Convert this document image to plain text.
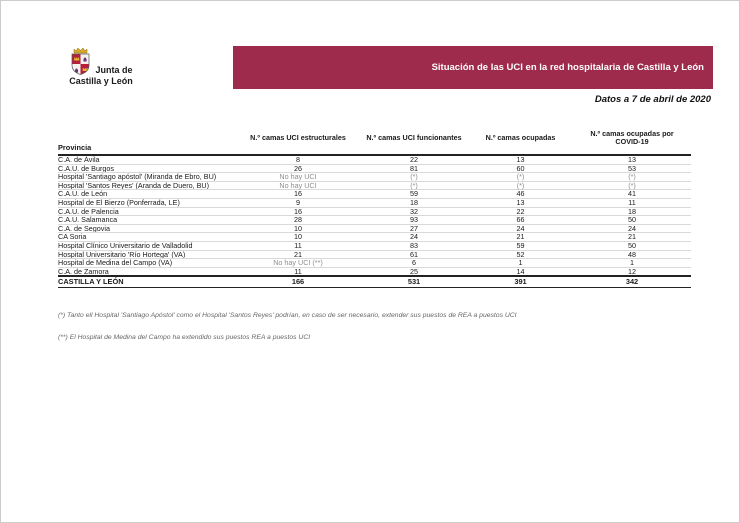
Junta de
Castilla y León
Situación de las UCI en la red hospitalaria de Castilla y León
Datos a 7 de abril de 2020
Provincia	N.º camas UCI estructurales	N.º camas UCI funcionantes	N.º camas ocupadas	N.º camas ocupadas por COVID-19
C.A. de Ávila	8	22	13	13
C.A.U. de Burgos	26	81	60	53
Hospital 'Santiago apóstol' (Miranda de Ebro, BU)	No hay UCI	(*)	(*)	(*)
Hospital 'Santos Reyes' (Aranda de Duero, BU)	No hay UCI	(*)	(*)	(*)
C.A.U. de León	16	59	46	41
Hospital de El Bierzo (Ponferrada, LE)	9	18	13	11
C.A.U. de Palencia	16	32	22	18
C.A.U. Salamanca	28	93	66	50
C.A. de Segovia	10	27	24	24
CA Soria	10	24	21	21
Hospital Clínico Universitario de Valladolid	11	83	59	50
Hospital Universitario 'Río Hortega' (VA)	21	61	52	48
Hospital de Medina del Campo (VA)	No hay UCI (**)	6	1	1
C.A. de Zamora	11	25	14	12
CASTILLA Y LEÓN	166	531	391	342
(*) Tanto ell Hospital 'Santiago Apóstol' como el Hospital 'Santos Reyes' podrían, en caso de ser necesario, extender sus puestos de REA a puestos UCI
(**) El Hospital de Medina del Campo ha extendido sus puestos REA a puestos UCI
